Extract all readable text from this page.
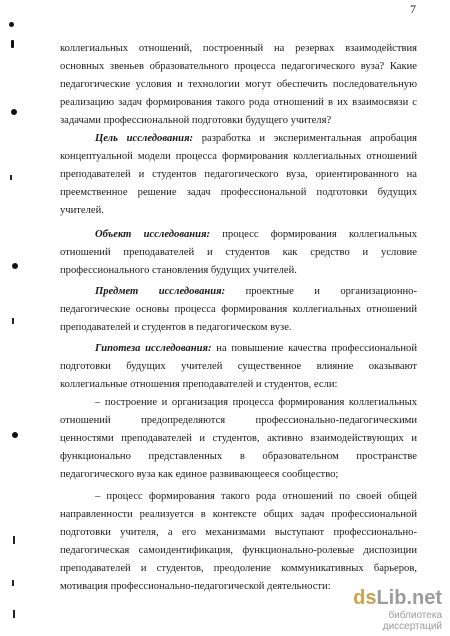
7
коллегиальных отношений, построенный на резервах взаимодействия
основных звеньев образовательного процесса педагогического вуза? Какие
педагогические условия и технологии могут обеспечить последовательную
реализацию задач формирования такого рода отношений в их взаимосвязи с
задачами профессиональной подготовки будущего учителя?
Цель исследования: разработка и экспериментальная апробация
концептуальной модели процесса формирования коллегиальных отношений
преподавателей и студентов педагогического вуза, ориентированного на
преемственное решение задач профессиональной подготовки будущих
учителей.
Объект исследования: процесс формирования коллегиальных
отношений преподавателей и студентов как средство и условие
профессионального становления будущих учителей.
Предмет исследования: проектные и организационно-
педагогические основы процесса формирования коллегиальных отношений
преподавателей и студентов в педагогическом вузе.
Гипотеза исследования: на повышение качества профессиональной
подготовки будущих учителей существенное влияние оказывают
коллегиальные отношения преподавателей и студентов, если:
– построение и организация процесса формирования коллегиальных
отношений предопределяются профессионально-педагогическими
ценностями преподавателей и студентов, активно взаимодействующих и
функционально представленных в образовательном пространстве
педагогического вуза как единое развивающееся сообщество;
– процесс формирования такого рода отношений по своей общей
направленности реализуется в контексте общих задач профессиональной
подготовки учителя, а его механизмами выступают профессионально-
педагогическая самоидентификация, функционально-ролевые диспозиции
преподавателей и студентов, преодоление коммуникативных барьеров,
мотивация профессионально-педагогической деятельности:
ds Lib.net
библиотека диссертаций
